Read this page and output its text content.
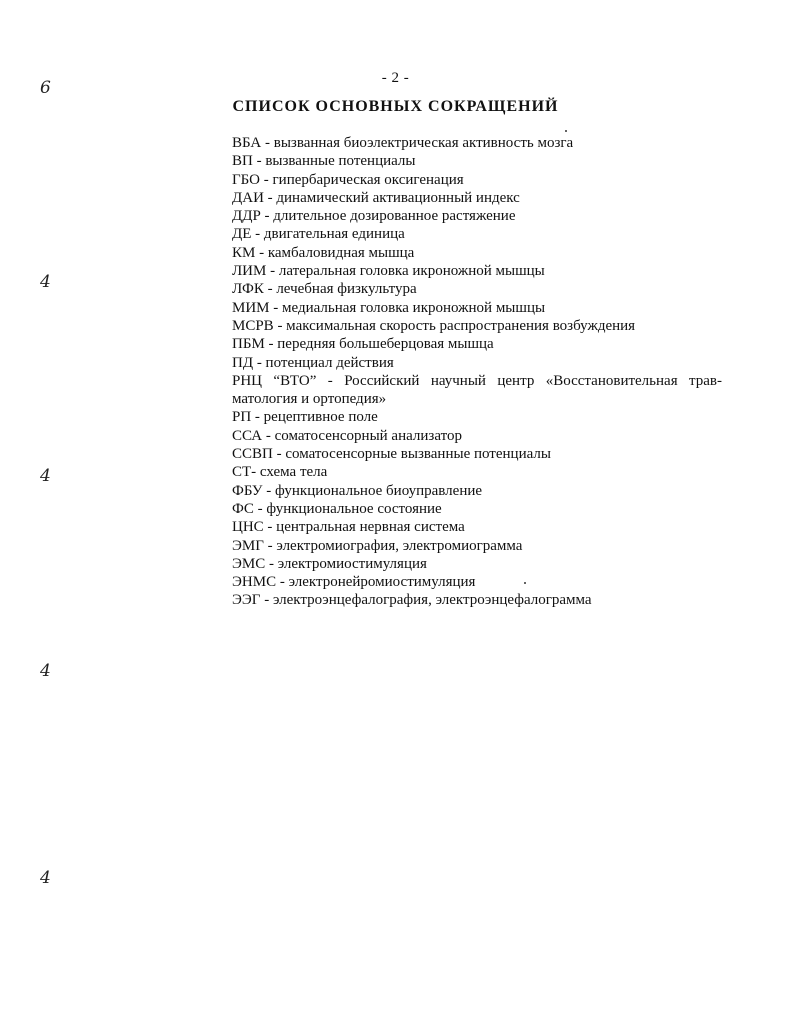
- 2 -
СПИСОК ОСНОВНЫХ СОКРАЩЕНИЙ
ВБА - вызванная биоэлектрическая активность мозга
ВП - вызванные потенциалы
ГБО - гипербарическая оксигенация
ДАИ - динамический активационный индекс
ДДР - длительное дозированное растяжение
ДЕ - двигательная единица
КМ - камбаловидная мышца
ЛИМ - латеральная головка икроножной мышцы
ЛФК - лечебная физкультура
МИМ - медиальная головка икроножной мышцы
МСРВ - максимальная скорость распространения возбуждения
ПБМ - передняя большеберцовая мышца
ПД - потенциал действия
РНЦ “ВТО” - Российский научный центр «Восстановительная трав-матология и ортопедия»
РП - рецептивное поле
ССА - соматосенсорный анализатор
ССВП - соматосенсорные вызванные потенциалы
СТ- схема тела
ФБУ - функциональное биоуправление
ФС - функциональное состояние
ЦНС - центральная нервная система
ЭМГ - электромиография, электромиограмма
ЭМС - электромиостимуляция
ЭНМС - электронейромиостимуляция
ЭЭГ - электроэнцефалография, электроэнцефалограмма
6
4
4
4
4
